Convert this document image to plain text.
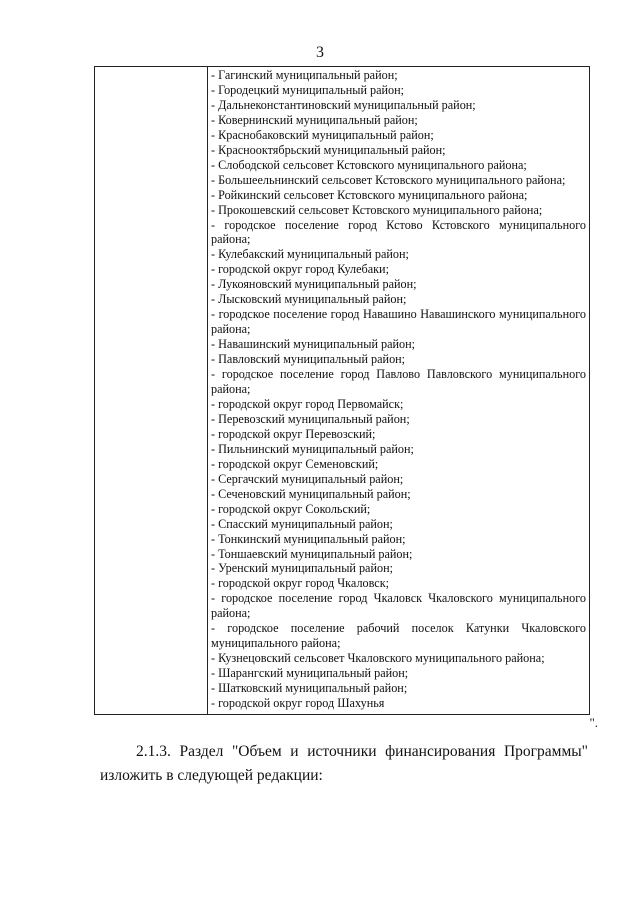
3
- Гагинский муниципальный район;
- Городецкий муниципальный район;
- Дальнеконстантиновский муниципальный район;
- Ковернинский муниципальный район;
- Краснобаковский муниципальный район;
- Краснооктябрьский муниципальный район;
- Слободской сельсовет Кстовского муниципального района;
- Большеельнинский сельсовет Кстовского муниципального района;
- Ройкинский сельсовет Кстовского муниципального района;
- Прокошевский сельсовет Кстовского муниципального района;
- городское поселение город Кстово Кстовского муниципального района;
- Кулебакский муниципальный район;
- городской округ город Кулебаки;
- Лукояновский муниципальный район;
- Лысковский муниципальный район;
- городское поселение город Навашино Навашинского муниципального района;
- Навашинский муниципальный район;
- Павловский муниципальный район;
- городское поселение город Павлово Павловского муниципального района;
- городской округ город Первомайск;
- Перевозский муниципальный район;
- городской округ Перевозский;
- Пильнинский муниципальный район;
- городской округ Семеновский;
- Сергачский муниципальный район;
- Сеченовский муниципальный район;
- городской округ Сокольский;
- Спасский муниципальный район;
- Тонкинский муниципальный район;
- Тоншаевский муниципальный район;
- Уренский муниципальный район;
- городской округ город Чкаловск;
- городское поселение город Чкаловск Чкаловского муниципального района;
- городское поселение рабочий поселок Катунки Чкаловского муниципального района;
- Кузнецовский сельсовет Чкаловского муниципального района;
- Шарангский муниципальный район;
- Шатковский муниципальный район;
- городской округ город Шахунья
".
2.1.3. Раздел "Объем и источники финансирования Программы"
изложить в следующей редакции:
